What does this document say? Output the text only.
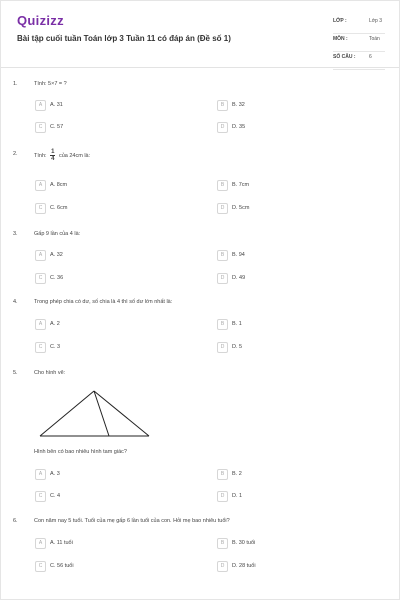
Quizizz
Bài tập cuối tuần Toán lớp 3 Tuần 11 có đáp án (Đề số 1)
LỚP :	Lớp 3
MÔN :	Toán
SỐ CÂU :	6
1.	Tính: 5×7 = ?
A	A. 31	B	B. 32
C	C. 57	D	D. 35
2.	Tính: $\frac{1}{4}$ của 24cm là:
A	A. 8cm	B	B. 7cm
C	C. 6cm	D	D. 5cm
3.	Gấp 9 lần của 4 là:
A	A. 32	B	B. 94
C	C. 36	D	D. 49
4.	Trong phép chia có dư, số chia là 4 thì số dư lớn nhất là:
A	A. 2	B	B. 1
C	C. 3	D	D. 5
5.	Cho hình vẽ:
Hình bên có bao nhiêu hình tam giác?
A	A. 3	B	B. 2
C	C. 4	D	D. 1
6.	Con năm nay 5 tuổi. Tuổi của mẹ gấp 6 lần tuổi của con. Hỏi mẹ bao nhiêu tuổi?
A	A. 11 tuổi	B	B. 30 tuổi
C	C. 56 tuổi	D	D. 28 tuổi
